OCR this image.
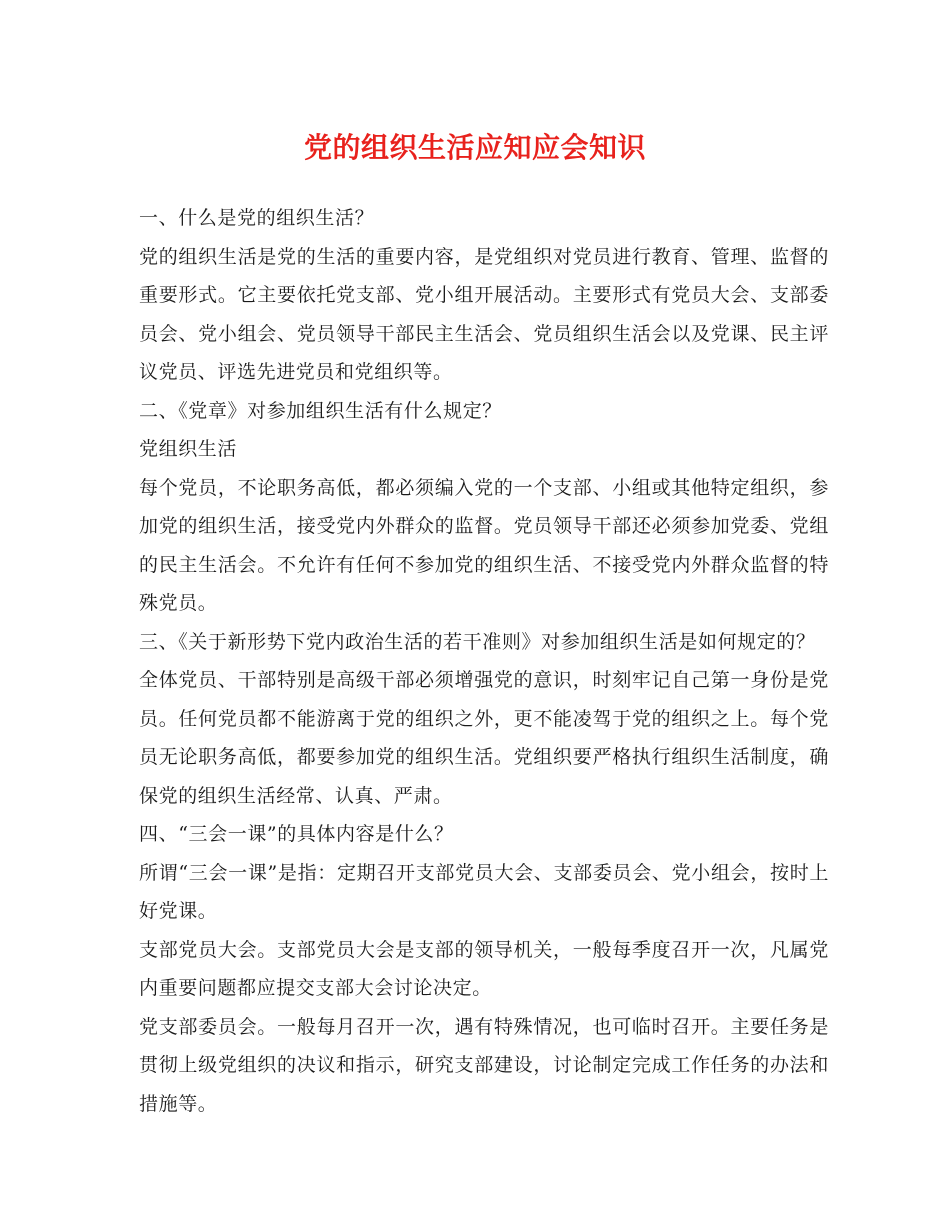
党的组织生活应知应会知识

一、什么是党的组织生活？

党的组织生活是党的生活的重要内容，是党组织对党员进行教育、管理、监督的重要形式。它主要依托党支部、党小组开展活动。主要形式有党员大会、支部委员会、党小组会、党员领导干部民主生活会、党员组织生活会以及党课、民主评议党员、评选先进党员和党组织等。

二、《党章》对参加组织生活有什么规定？

党组织生活

每个党员，不论职务高低，都必须编入党的一个支部、小组或其他特定组织，参加党的组织生活，接受党内外群众的监督。党员领导干部还必须参加党委、党组的民主生活会。不允许有任何不参加党的组织生活、不接受党内外群众监督的特殊党员。

三、《关于新形势下党内政治生活的若干准则》对参加组织生活是如何规定的？

全体党员、干部特别是高级干部必须增强党的意识，时刻牢记自己第一身份是党员。任何党员都不能游离于党的组织之外，更不能凌驾于党的组织之上。每个党员无论职务高低，都要参加党的组织生活。党组织要严格执行组织生活制度，确保党的组织生活经常、认真、严肃。

四、“三会一课”的具体内容是什么？

所谓“三会一课”是指：定期召开支部党员大会、支部委员会、党小组会，按时上好党课。

支部党员大会。支部党员大会是支部的领导机关，一般每季度召开一次，凡属党内重要问题都应提交支部大会讨论决定。

党支部委员会。一般每月召开一次，遇有特殊情况，也可临时召开。主要任务是贯彻上级党组织的决议和指示，研究支部建设，讨论制定完成工作任务的办法和措施等。
